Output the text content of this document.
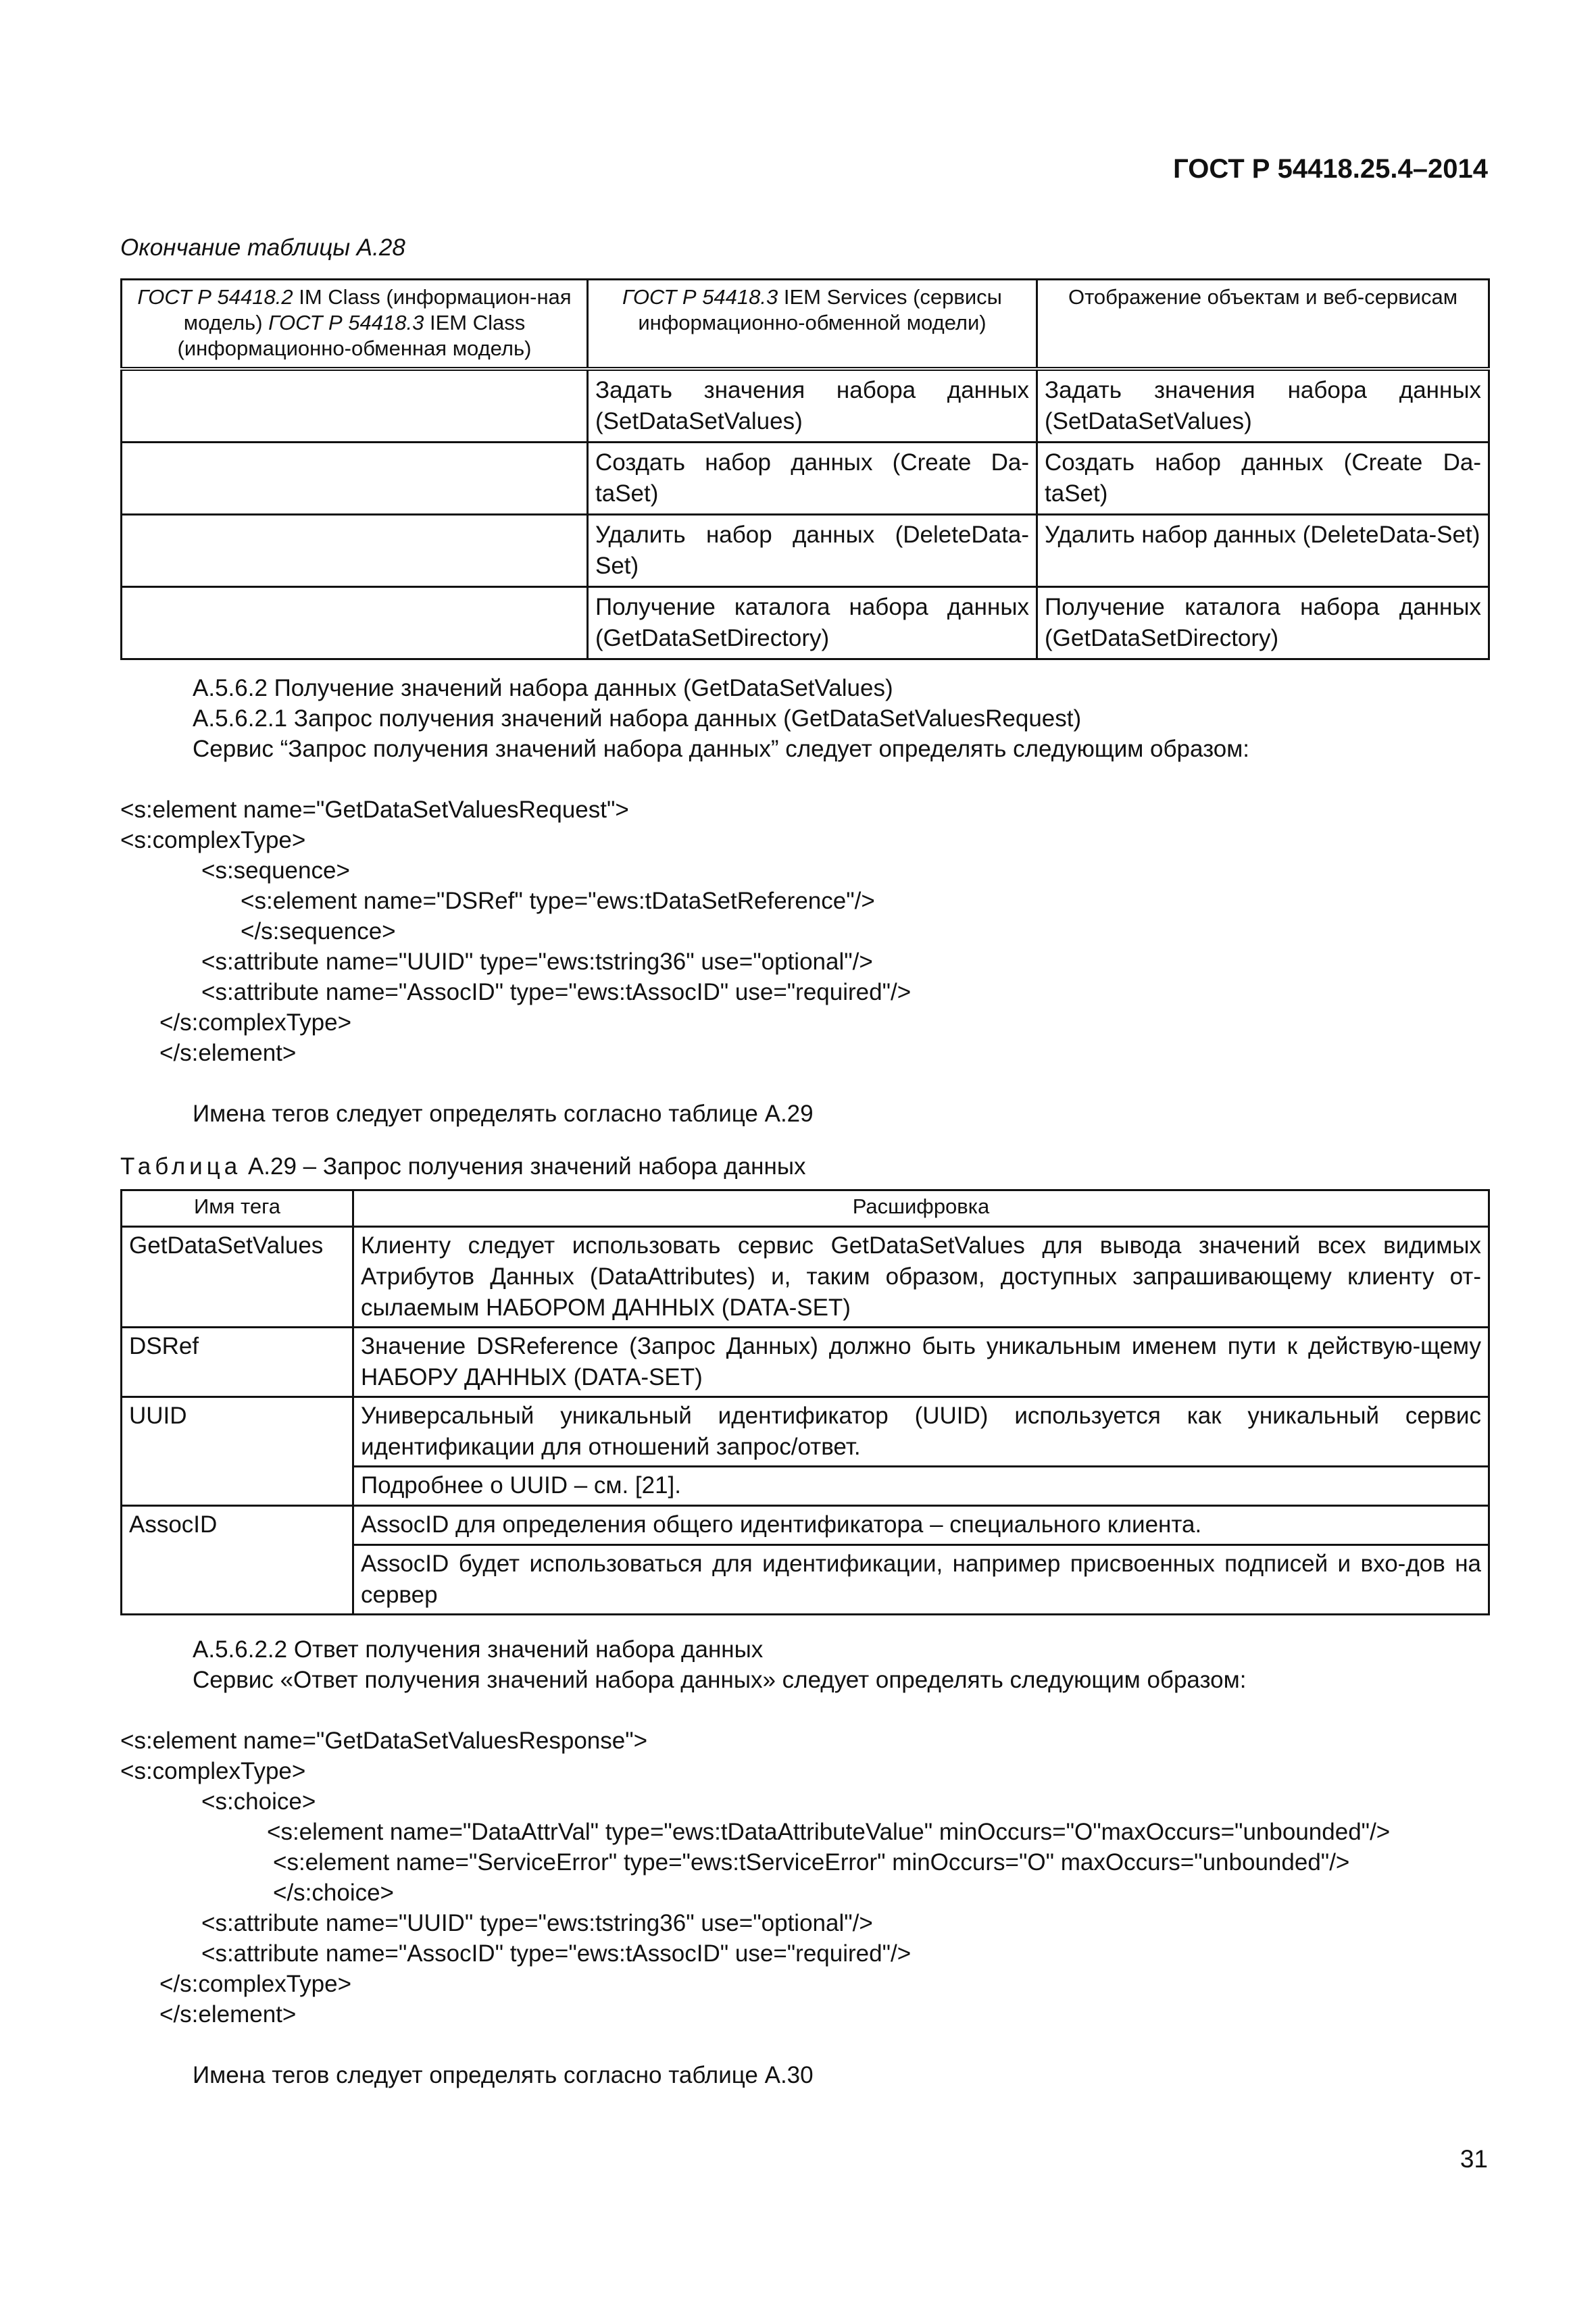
ГОСТ Р 54418.25.4–2014
Окончание таблицы А.28
ГОСТ Р 54418.2 IM Class (информацион-ная модель) ГОСТ Р 54418.3 IEM Class (информационно-обменная модель)	ГОСТ Р 54418.3 IEM Services (сервисы информационно-обменной модели)	Отображение объектам и веб-сервисам
	Задать значения набора данных (SetDataSetValues)	Задать значения набора данных (SetDataSetValues)
	Создать набор данных (Create Da-taSet)	Создать набор данных (Create Da-taSet)
	Удалить набор данных (DeleteData-Set)	Удалить набор данных (DeleteData-Set)
	Получение каталога набора данных (GetDataSetDirectory)	Получение каталога набора данных (GetDataSetDirectory)
А.5.6.2 Получение значений набора данных (GetDataSetValues)
А.5.6.2.1 Запрос получения значений набора данных (GetDataSetValuesRequest)
Сервис “Запрос получения значений набора данных” следует определять следующим образом:
<s:element name="GetDataSetValuesRequest">
<s:complexType>
<s:sequence>
<s:element name="DSRef" type="ews:tDataSetReference"/>
</s:sequence>
<s:attribute name="UUID" type="ews:tstring36" use="optional"/>
<s:attribute name="AssocID" type="ews:tAssocID" use="required"/>
</s:complexType>
</s:element>
Имена тегов следует определять согласно таблице А.29
Таблица А.29 – Запрос получения значений набора данных
Имя тега	Расшифровка
GetDataSetValues	Клиенту следует использовать сервис GetDataSetValues для вывода значений всех видимых Атрибутов Данных (DataAttributes) и, таким образом, доступных запрашивающему клиенту от-сылаемым НАБОРОМ ДАННЫХ (DATA-SET)
DSRef	Значение DSReference (Запрос Данных) должно быть уникальным именем пути к действую-щему НАБОРУ ДАННЫХ (DATA-SET)
UUID	Универсальный уникальный идентификатор (UUID) используется как уникальный сервис идентификации для отношений запрос/ответ.
	Подробнее о UUID – см. [21].
AssocID	AssocID для определения общего идентификатора – специального клиента.
	AssocID будет использоваться для идентификации, например присвоенных подписей и вхо-дов на сервер
А.5.6.2.2 Ответ получения значений набора данных
Сервис «Ответ получения значений набора данных» следует определять следующим образом:
<s:element name="GetDataSetValuesResponse">
<s:complexType>
<s:choice>
<s:element name="DataAttrVal" type="ews:tDataAttributeValue" minOccurs="O"maxOccurs="unbounded"/>
<s:element name="ServiceError" type="ews:tServiceError" minOccurs="O" maxOccurs="unbounded"/>
</s:choice>
<s:attribute name="UUID" type="ews:tstring36" use="optional"/>
<s:attribute name="AssocID" type="ews:tAssocID" use="required"/>
</s:complexType>
</s:element>
Имена тегов следует определять согласно таблице А.30
31
